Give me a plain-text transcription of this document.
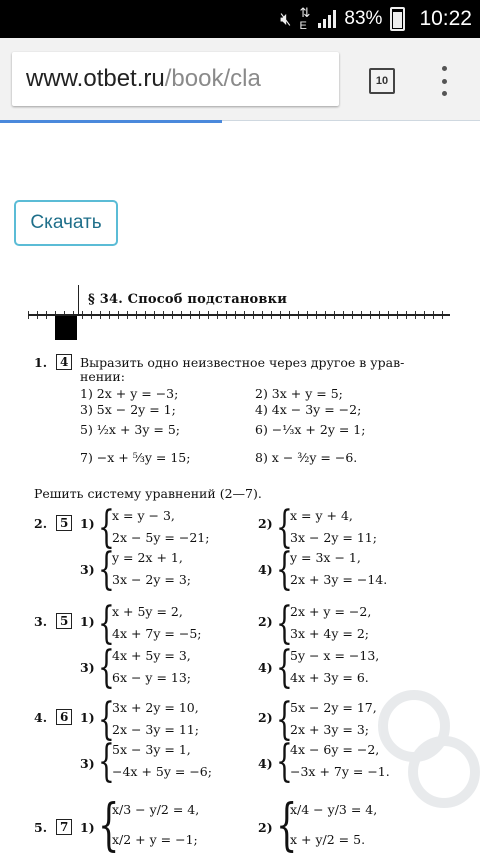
🔇︎ ⇅
E 83% 10:22
www.otbet.ru/book/cla	10
Скачать
§ 34. Способ подстановки
1.	4 Выразить одно неизвестное через другое в урав-
нении:
1) 2x + y = −3;	2) 3x + y = 5;
3) 5x − 2y = 1;	4) 4x − 3y = −2;
5) ½x + 3y = 5;	6) −⅓x + 2y = 1;
7) −x + ⁵⁄₃y = 15;	8) x − ³⁄₂y = −6.
Решить систему уравнений (2—7).
2.	5 1) {
x = y − 3,
2x − 5y = −21;
2) {
x = y + 4,
3x − 2y = 11;
3) {
y = 2x + 1,
3x − 2y = 3;
4) {
y = 3x − 1,
2x + 3y = −14.
3.	5 1) {
x + 5y = 2,
4x + 7y = −5;
2) {
2x + y = −2,
3x + 4y = 2;
3) {
4x + 5y = 3,
6x − y = 13;
4) {
5y − x = −13,
4x + 3y = 6.
4.	6 1) {
3x + 2y = 10,
2x − 3y = 11;
2) {
5x − 2y = 17,
2x + 3y = 3;
3) {
5x − 3y = 1,
−4x + 5y = −6;
4) {
4x − 6y = −2,
−3x + 7y = −1.
5.	7 1) {
x/3 − y/2 = 4,
x/2 + y = −1;
2) {
x/4 − y/3 = 4,
x + y/2 = 5.
